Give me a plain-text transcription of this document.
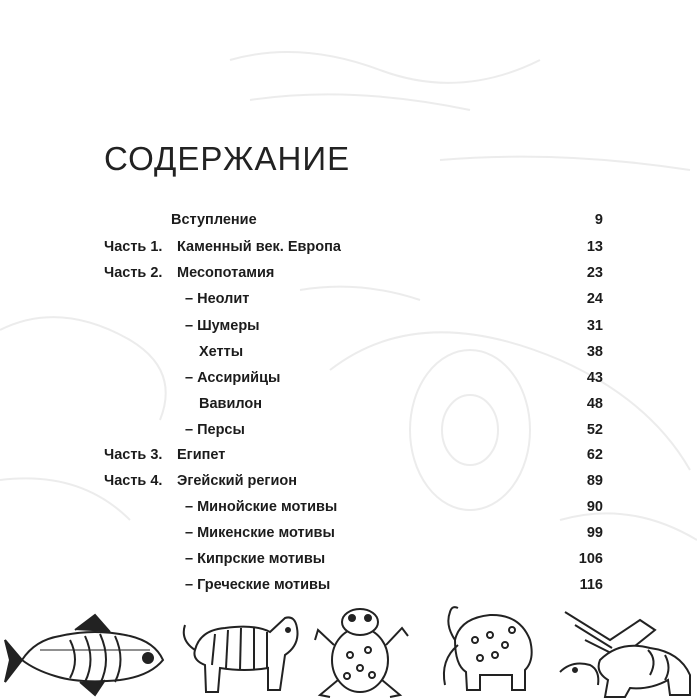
СОДЕРЖАНИЕ
Вступление	9
Часть 1. Каменный век. Европа	13
Часть 2. Месопотамия	23
– Неолит	24
– Шумеры	31
Хетты	38
– Ассирийцы	43
Вавилон	48
– Персы	52
Часть 3. Египет	62
Часть 4. Эгейский регион	89
– Минойские мотивы	90
– Микенские мотивы	99
– Кипрские мотивы	106
– Греческие мотивы	116
